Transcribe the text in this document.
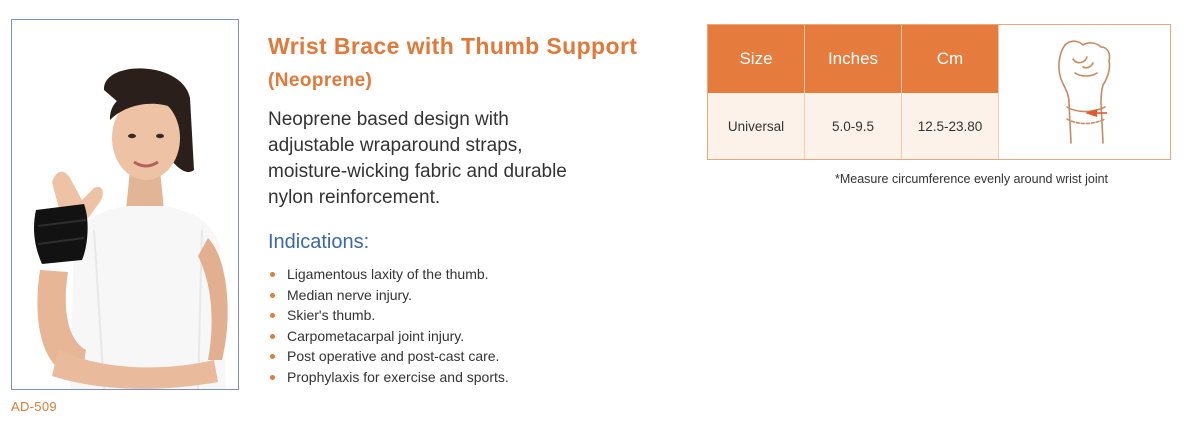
AD-509
Wrist Brace with Thumb Support (Neoprene)
Neoprene based design with adjustable wraparound straps, moisture-wicking fabric and durable nylon reinforcement.
Indications:
Ligamentous laxity of the thumb.
Median nerve injury.
Skier's thumb.
Carpometacarpal joint injury.
Post operative and post-cast care.
Prophylaxis for exercise and sports.
Size	Inches	Cm
Universal	5.0-9.5	12.5-23.80
*Measure circumference evenly around wrist joint
